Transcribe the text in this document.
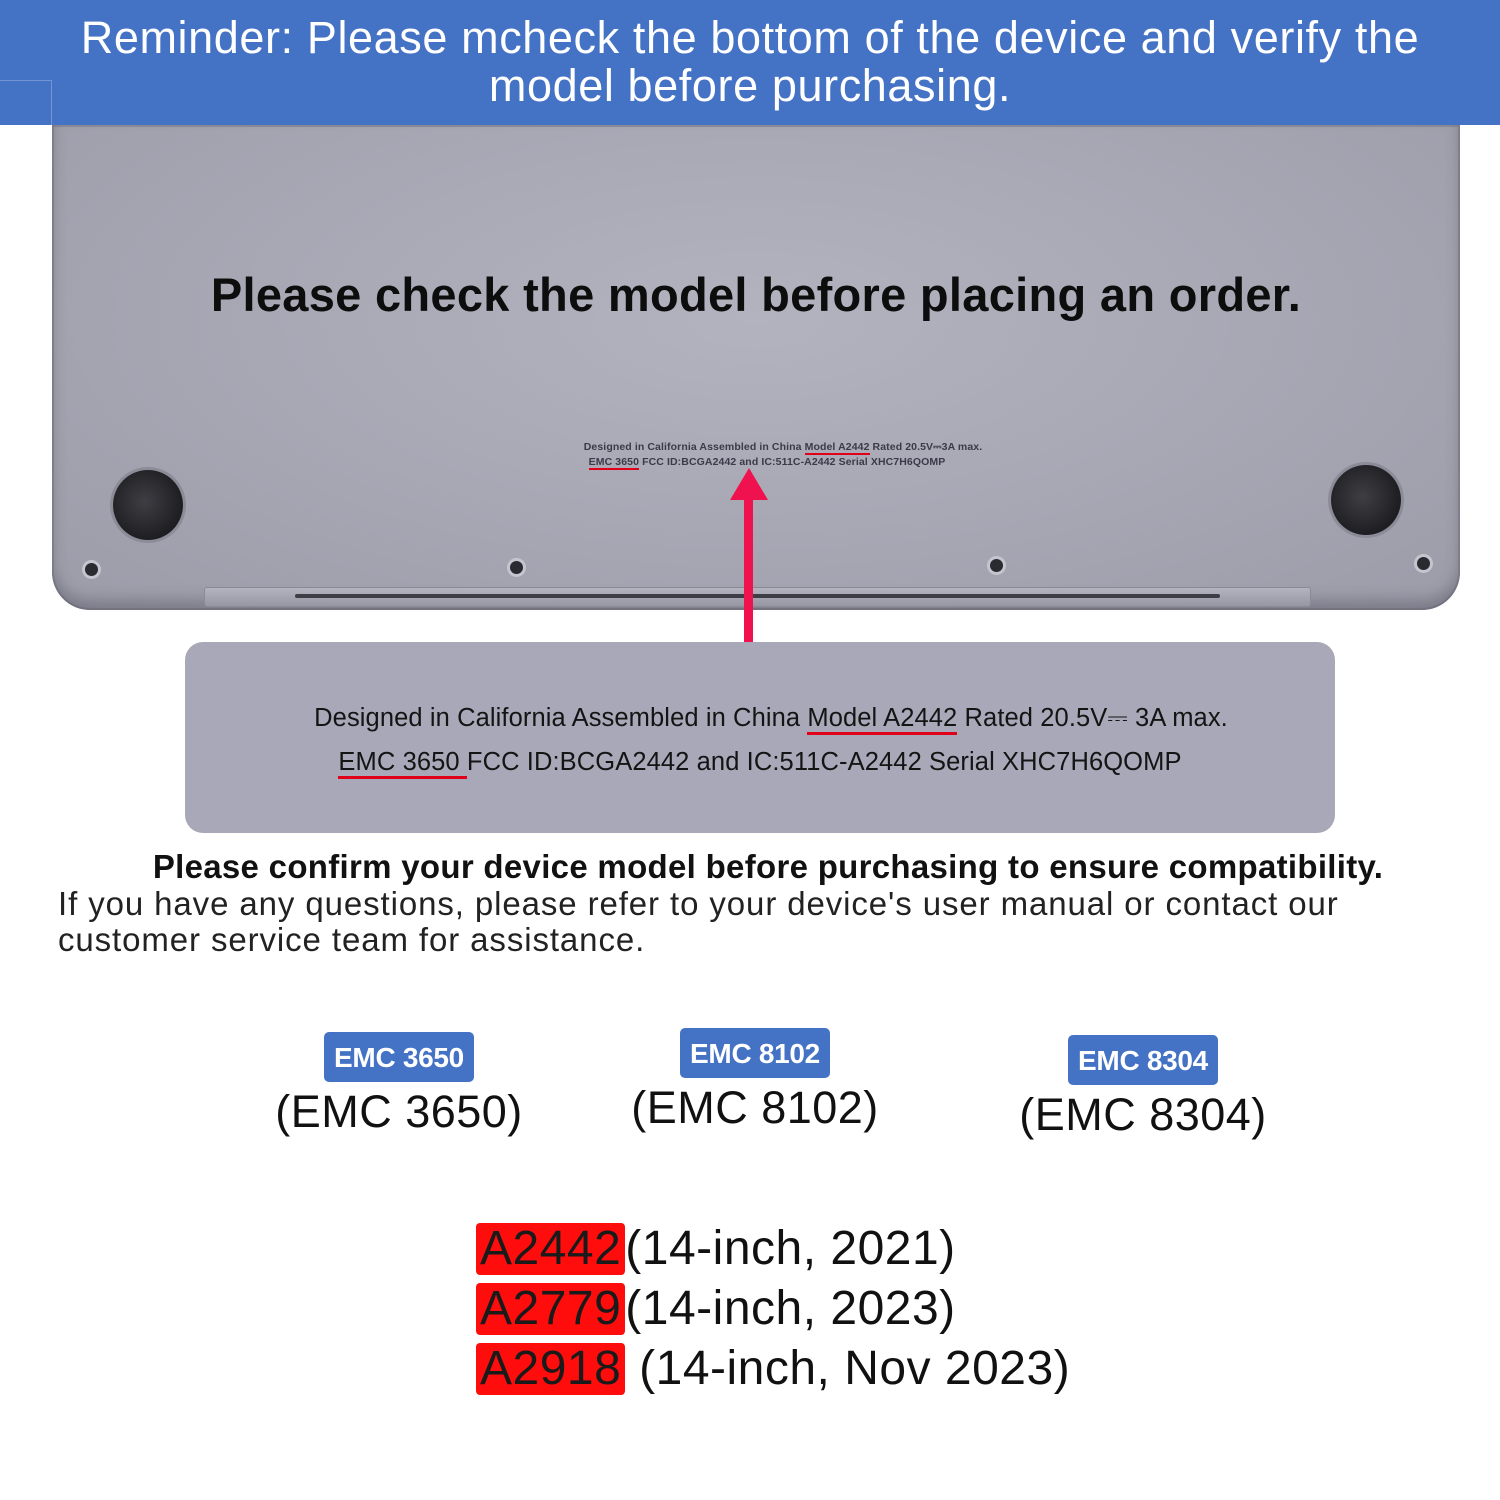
Reminder: Please mcheck the bottom of the device and verify the
model before purchasing.
Please check the model before placing an order.
Designed in California Assembled in China Model A2442 Rated 20.5V⎓3A max.
EMC 3650 FCC ID:BCGA2442 and IC:511C-A2442 Serial XHC7H6QOMP
Designed in California Assembled in China Model A2442 Rated 20.5V⎓ 3A max.
EMC 3650 FCC ID:BCGA2442 and IC:511C-A2442 Serial XHC7H6QOMP
Please confirm your device model before purchasing to ensure compatibility.
If you have any questions, please refer to your device's user manual or contact our customer service team for assistance.
EMC 3650
(EMC 3650)
EMC 8102
(EMC 8102)
EMC 8304
(EMC 8304)
A2442(14-inch, 2021)
A2779(14-inch, 2023)
A2918 (14-inch, Nov 2023)
